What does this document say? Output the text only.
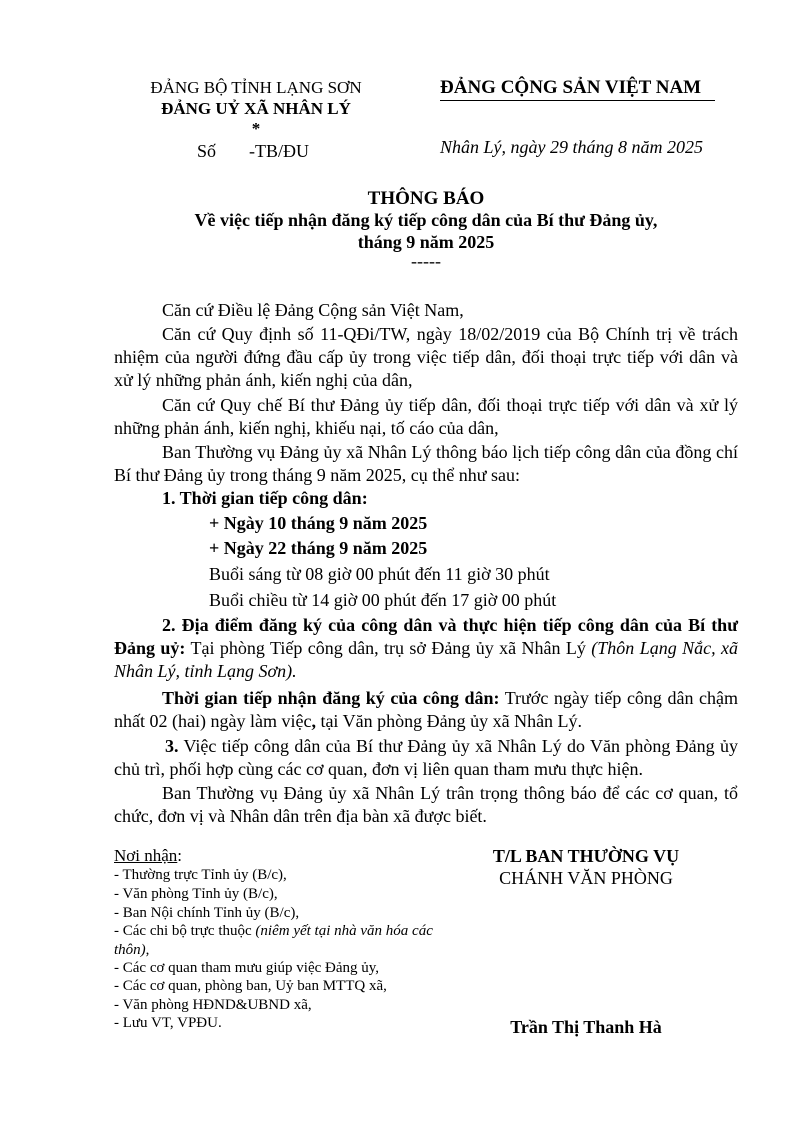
ĐẢNG BỘ TỈNH LẠNG SƠN
ĐẢNG UỶ XÃ NHÂN LÝ
*
Số -TB/ĐU
ĐẢNG CỘNG SẢN VIỆT NAM
Nhân Lý, ngày 29 tháng 8 năm 2025
THÔNG BÁO
Về việc tiếp nhận đăng ký tiếp công dân của Bí thư Đảng ủy,
tháng 9 năm 2025
-----
Căn cứ Điều lệ Đảng Cộng sản Việt Nam,
Căn cứ Quy định số 11-QĐi/TW, ngày 18/02/2019 của Bộ Chính trị về trách nhiệm của người đứng đầu cấp ủy trong việc tiếp dân, đối thoại trực tiếp với dân và xử lý những phản ánh, kiến nghị của dân,
Căn cứ Quy chế Bí thư Đảng ủy tiếp dân, đối thoại trực tiếp với dân và xử lý những phản ánh, kiến nghị, khiếu nại, tố cáo của dân,
Ban Thường vụ Đảng ủy xã Nhân Lý thông báo lịch tiếp công dân của đồng chí Bí thư Đảng ủy trong tháng 9 năm 2025, cụ thể như sau:
1. Thời gian tiếp công dân:
+ Ngày 10 tháng 9 năm 2025
+ Ngày 22 tháng 9 năm 2025
Buổi sáng từ 08 giờ 00 phút đến 11 giờ 30 phút
Buổi chiều từ 14 giờ 00 phút đến 17 giờ 00 phút
2. Địa điểm đăng ký của công dân và thực hiện tiếp công dân của Bí thư Đảng uỷ: Tại phòng Tiếp công dân, trụ sở Đảng ủy xã Nhân Lý (Thôn Lạng Nắc, xã Nhân Lý, tỉnh Lạng Sơn).
Thời gian tiếp nhận đăng ký của công dân: Trước ngày tiếp công dân chậm nhất 02 (hai) ngày làm việc, tại Văn phòng Đảng ủy xã Nhân Lý.
3. Việc tiếp công dân của Bí thư Đảng ủy xã Nhân Lý do Văn phòng Đảng ủy chủ trì, phối hợp cùng các cơ quan, đơn vị liên quan tham mưu thực hiện.
Ban Thường vụ Đảng ủy xã Nhân Lý trân trọng thông báo để các cơ quan, tổ chức, đơn vị và Nhân dân trên địa bàn xã được biết.
Nơi nhận:
- Thường trực Tỉnh ủy (B/c),
- Văn phòng Tỉnh ủy (B/c),
- Ban Nội chính Tỉnh ủy (B/c),
- Các chi bộ trực thuộc (niêm yết tại nhà văn hóa các thôn),
- Các cơ quan tham mưu giúp việc Đảng ủy,
- Các cơ quan, phòng ban, Uỷ ban MTTQ xã,
- Văn phòng HĐND&UBND xã,
- Lưu VT, VPĐU.
T/L BAN THƯỜNG VỤ
CHÁNH VĂN PHÒNG
Trần Thị Thanh Hà
